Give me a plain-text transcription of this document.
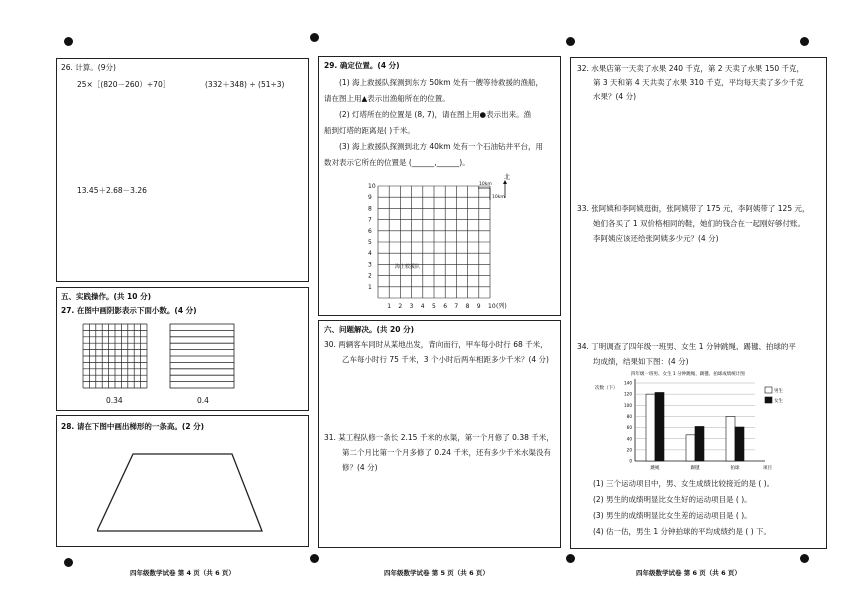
26. 计算。(9分)
25×［(820－260）÷70］	(332＋348) ÷ (51÷3)
13.45＋2.68－3.26
五、实践操作。(共 10 分)
27. 在图中画阴影表示下面小数。(4 分)
0.34	0.4
28. 请在下图中画出梯形的一条高。(2 分)
四年级数学试卷 第 4 页（共 6 页）
29. 确定位置。(4 分)
(1) 海上救援队探测到东方 50km 处有一艘等待救援的渔船，
请在图上用▲表示出渔船所在的位置。
(2) 灯塔所在的位置是 (8, 7)，请在图上用●表示出来。渔
船到灯塔的距离是( )千米。
(3) 海上救援队探测到北方 40km 处有一个石油钻井平台，用
数对表示它所在的位置是 (______,______)。
1 2 3 4 5 6 7 8 9 10 (列)
1
2
3
4
5
6
7
8
9
10
海上救援队
10km
10km
北
六、问题解决。(共 20 分)
30. 两辆客车同时从某地出发，背向而行，甲车每小时行 68 千米，
乙车每小时行 75 千米，3 个小时后两车相距多少千米？(4 分)
31. 某工程队修一条长 2.15 千米的水渠，第一个月修了 0.38 千米，
第二个月比第一个月多修了 0.24 千米，还有多少千米水渠没有
修？(4 分)
四年级数学试卷 第 5 页（共 6 页）
32. 水果店第一天卖了水果 240 千克，第 2 天卖了水果 150 千克，
第 3 天和第 4 天共卖了水果 310 千克，平均每天卖了多少千克
水果？(4 分)
33. 张阿姨和李阿姨逛街，张阿姨带了 175 元，李阿姨带了 125 元，
她们各买了 1 双价格相同的鞋，她们的钱合在一起刚好够付账。
李阿姨应该还给张阿姨多少元？(4 分)
34. 丁明调查了四年级一班男、女生 1 分钟跳绳、踢毽、拍球的平
均成绩，结果如下图：(4 分)
四年级一班男、女生 1 分钟跳绳、踢毽、拍球成绩统计图
次数（下）
0
20
40
60
80
100
120
140
跳绳	踢毽	拍球	项目
男生
女生
(1) 三个运动项目中，男、女生成绩比较接近的是 ( )。
(2) 男生的成绩明显比女生好的运动项目是 ( )。
(3) 男生的成绩明显比女生差的运动项目是 ( )。
(4) 估一估，男生 1 分钟拍球的平均成绩约是 ( ) 下。
四年级数学试卷 第 6 页（共 6 页）
